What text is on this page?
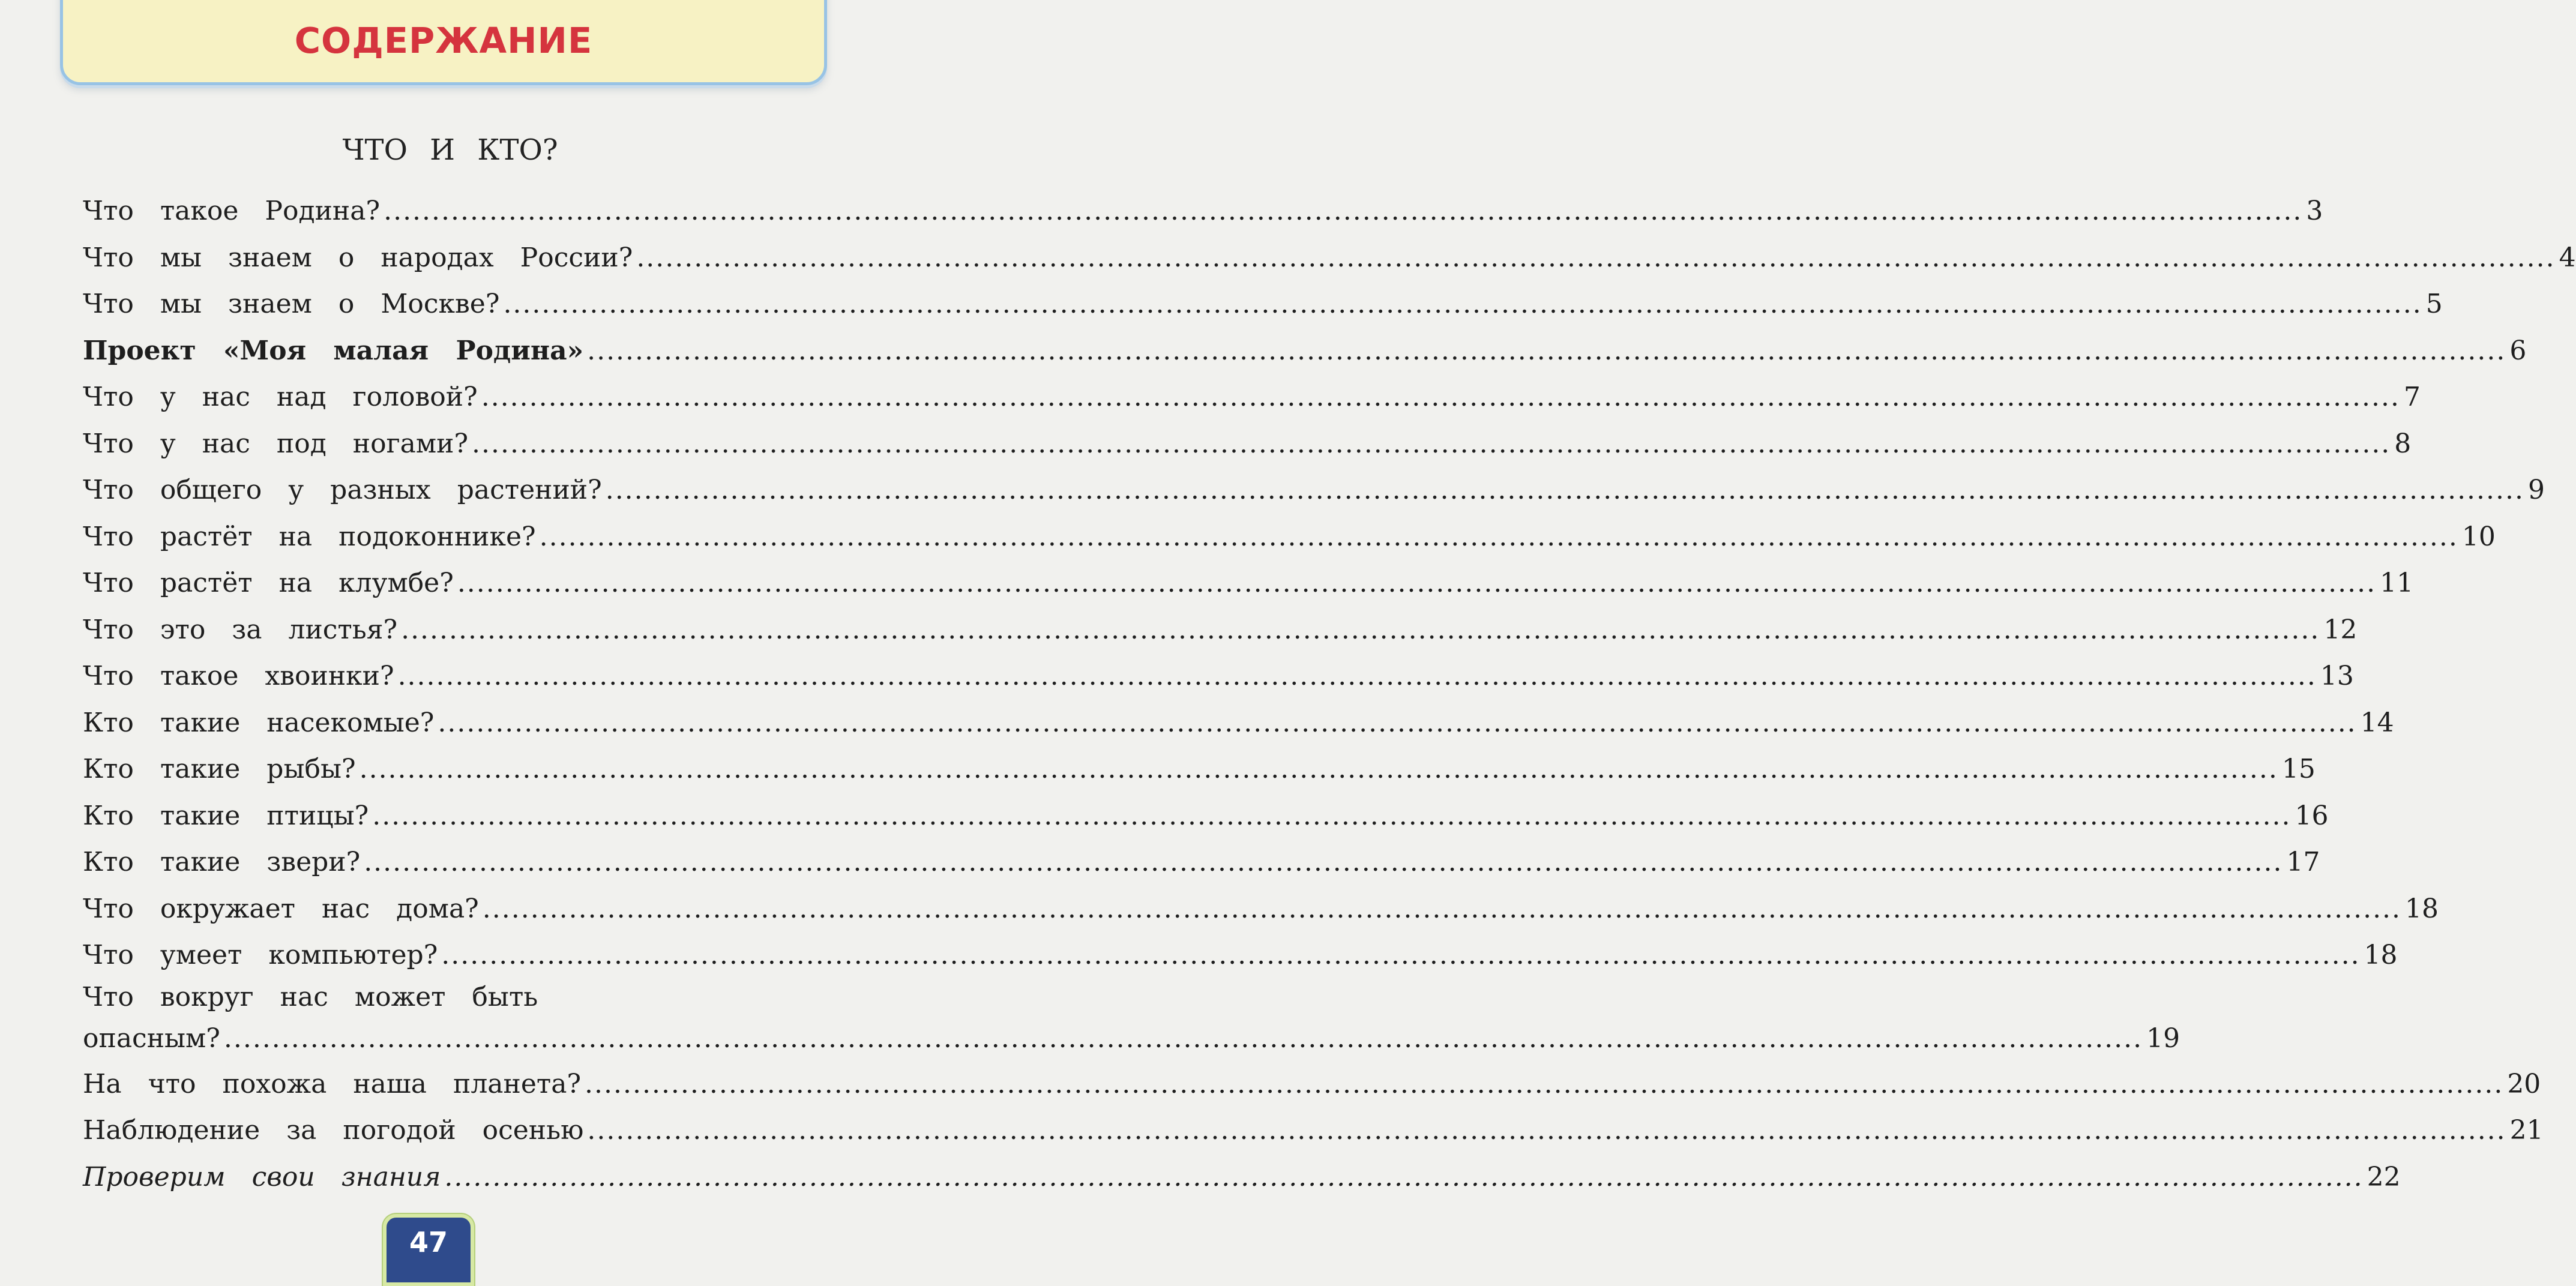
СОДЕРЖАНИЕ
ЧТО И КТО?
Что такое Родина? ........................................................................................................................................................................................................ 3
Что мы знаем о народах России? ........................................................................................................................................................................................................ 4
Что мы знаем о Москве? ........................................................................................................................................................................................................ 5
Проект «Моя малая Родина» ........................................................................................................................................................................................................ 6
Что у нас над головой? ........................................................................................................................................................................................................ 7
Что у нас под ногами? ........................................................................................................................................................................................................ 8
Что общего у разных растений? ........................................................................................................................................................................................................ 9
Что растёт на подоконнике? ........................................................................................................................................................................................................ 10
Что растёт на клумбе? ........................................................................................................................................................................................................ 11
Что это за листья? ........................................................................................................................................................................................................ 12
Что такое хвоинки? ........................................................................................................................................................................................................ 13
Кто такие насекомые? ........................................................................................................................................................................................................ 14
Кто такие рыбы? ........................................................................................................................................................................................................ 15
Кто такие птицы? ........................................................................................................................................................................................................ 16
Кто такие звери? ........................................................................................................................................................................................................ 17
Что окружает нас дома? ........................................................................................................................................................................................................ 18
Что умеет компьютер? ........................................................................................................................................................................................................ 18
Что вокруг нас может быть
опасным? ........................................................................................................................................................................................................ 19
На что похожа наша планета? ........................................................................................................................................................................................................ 20
Наблюдение за погодой осенью ........................................................................................................................................................................................................ 21
Проверим свои знания ........................................................................................................................................................................................................ 22
47
